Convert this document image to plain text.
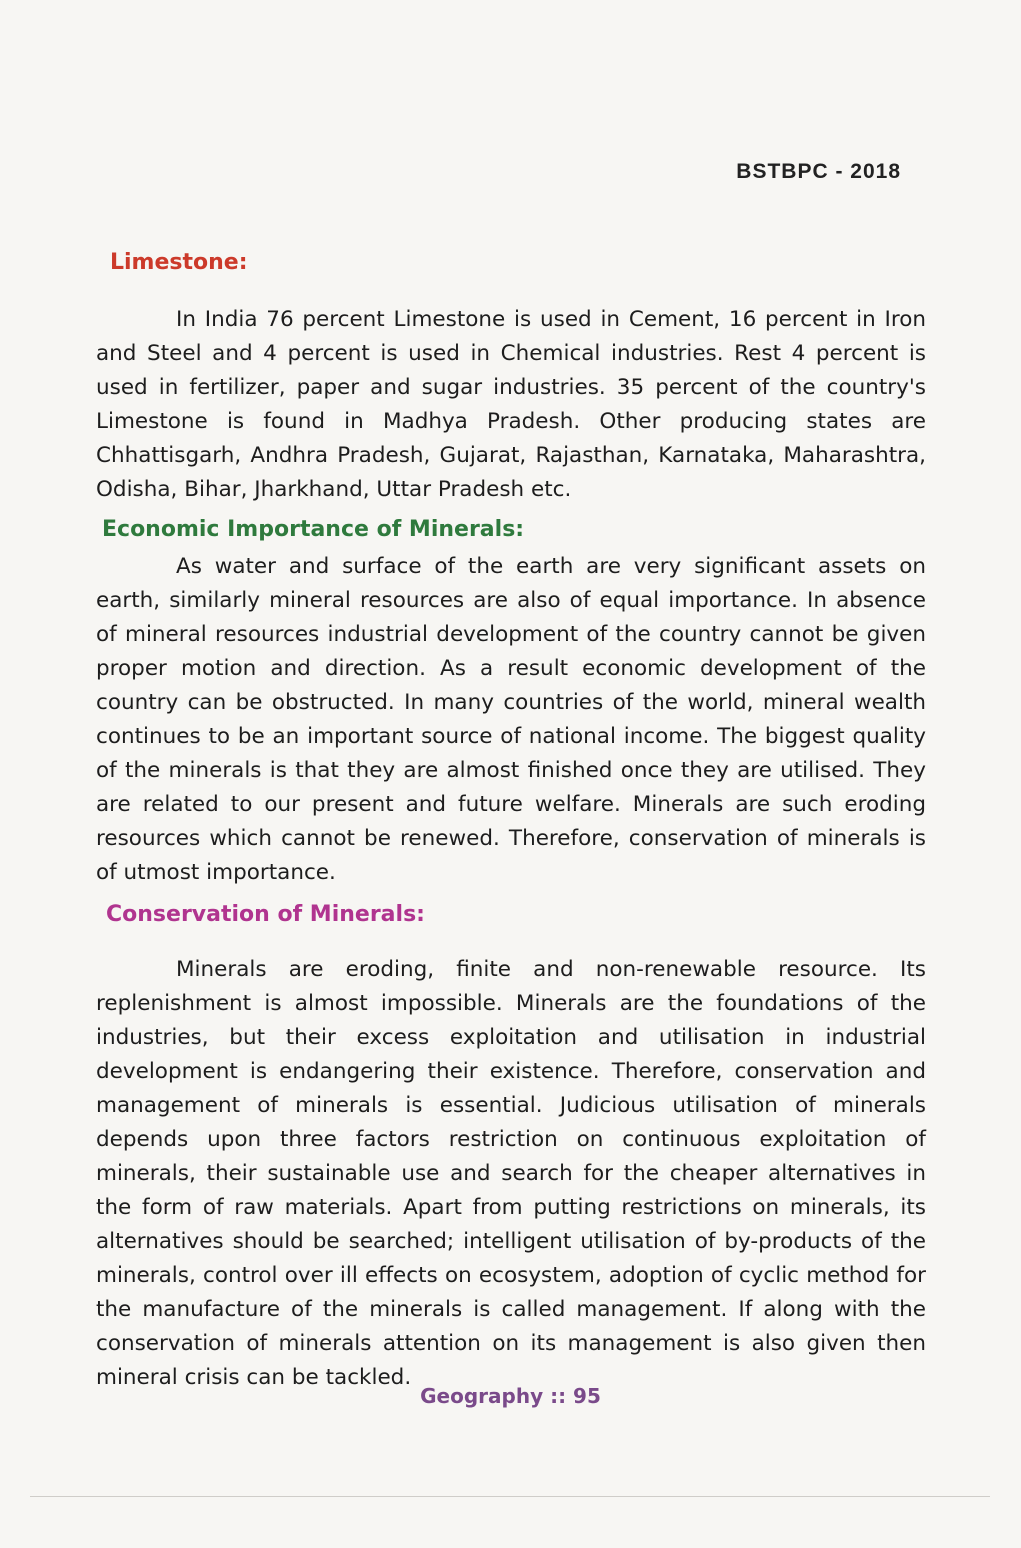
BSTBPC - 2018
Limestone:

In India 76 percent Limestone is used in Cement, 16 percent in Iron and Steel and 4 percent is used in Chemical industries. Rest 4 percent is used in fertilizer, paper and sugar industries. 35 percent of the country's Limestone is found in Madhya Pradesh. Other producing states are Chhattisgarh, Andhra Pradesh, Gujarat, Rajasthan, Karnataka, Maharashtra, Odisha, Bihar, Jharkhand, Uttar Pradesh etc.

Economic Importance of Minerals:

As water and surface of the earth are very significant assets on earth, similarly mineral resources are also of equal importance. In absence of mineral resources industrial development of the country cannot be given proper motion and direction. As a result economic development of the country can be obstructed. In many countries of the world, mineral wealth continues to be an important source of national income. The biggest quality of the minerals is that they are almost finished once they are utilised. They are related to our present and future welfare. Minerals are such eroding resources which cannot be renewed. Therefore, conservation of minerals is of utmost importance.

Conservation of Minerals:

Minerals are eroding, finite and non-renewable resource. Its replenishment is almost impossible. Minerals are the foundations of the industries, but their excess exploitation and utilisation in industrial development is endangering their existence. Therefore, conservation and management of minerals is essential. Judicious utilisation of minerals depends upon three factors restriction on continuous exploitation of minerals, their sustainable use and search for the cheaper alternatives in the form of raw materials. Apart from putting restrictions on minerals, its alternatives should be searched; intelligent utilisation of by-products of the minerals, control over ill effects on ecosystem, adoption of cyclic method for the manufacture of the minerals is called management. If along with the conservation of minerals attention on its management is also given then mineral crisis can be tackled.

Geography :: 95
